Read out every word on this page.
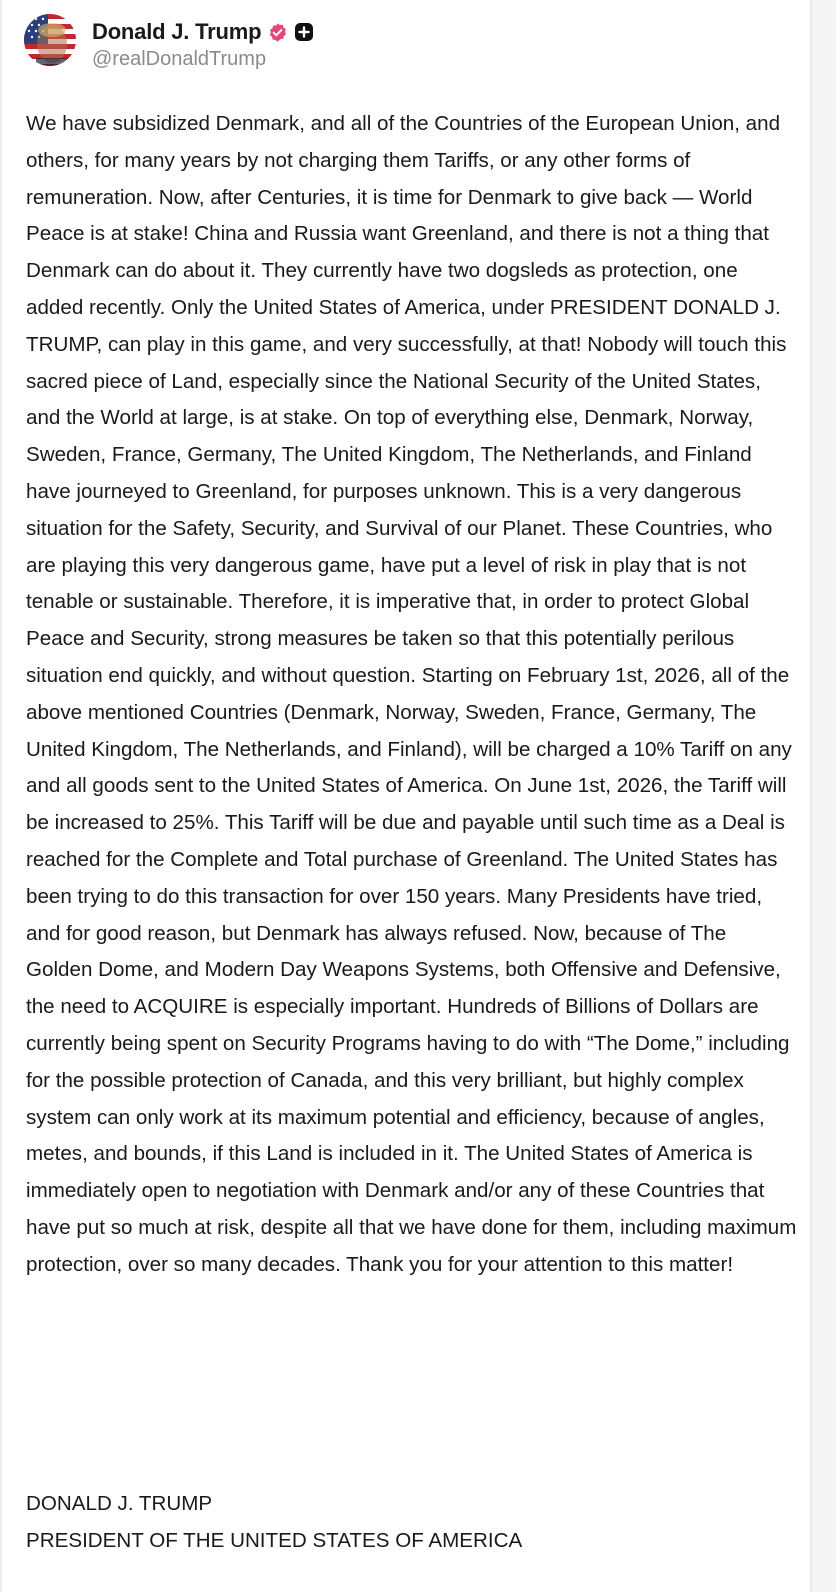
Donald J. Trump
@realDonaldTrump

We have subsidized Denmark, and all of the Countries of the European Union, and others, for many years by not charging them Tariffs, or any other forms of remuneration. Now, after Centuries, it is time for Denmark to give back — World Peace is at stake! China and Russia want Greenland, and there is not a thing that Denmark can do about it. They currently have two dogsleds as protection, one added recently. Only the United States of America, under PRESIDENT DONALD J. TRUMP, can play in this game, and very successfully, at that! Nobody will touch this sacred piece of Land, especially since the National Security of the United States, and the World at large, is at stake. On top of everything else, Denmark, Norway, Sweden, France, Germany, The United Kingdom, The Netherlands, and Finland have journeyed to Greenland, for purposes unknown. This is a very dangerous situation for the Safety, Security, and Survival of our Planet. These Countries, who are playing this very dangerous game, have put a level of risk in play that is not tenable or sustainable. Therefore, it is imperative that, in order to protect Global Peace and Security, strong measures be taken so that this potentially perilous situation end quickly, and without question. Starting on February 1st, 2026, all of the above mentioned Countries (Denmark, Norway, Sweden, France, Germany, The United Kingdom, The Netherlands, and Finland), will be charged a 10% Tariff on any and all goods sent to the United States of America. On June 1st, 2026, the Tariff will be increased to 25%. This Tariff will be due and payable until such time as a Deal is reached for the Complete and Total purchase of Greenland. The United States has been trying to do this transaction for over 150 years. Many Presidents have tried, and for good reason, but Denmark has always refused. Now, because of The Golden Dome, and Modern Day Weapons Systems, both Offensive and Defensive, the need to ACQUIRE is especially important. Hundreds of Billions of Dollars are currently being spent on Security Programs having to do with “The Dome,” including for the possible protection of Canada, and this very brilliant, but highly complex system can only work at its maximum potential and efficiency, because of angles, metes, and bounds, if this Land is included in it. The United States of America is immediately open to negotiation with Denmark and/or any of these Countries that have put so much at risk, despite all that we have done for them, including maximum protection, over so many decades. Thank you for your attention to this matter!

DONALD J. TRUMP
PRESIDENT OF THE UNITED STATES OF AMERICA
